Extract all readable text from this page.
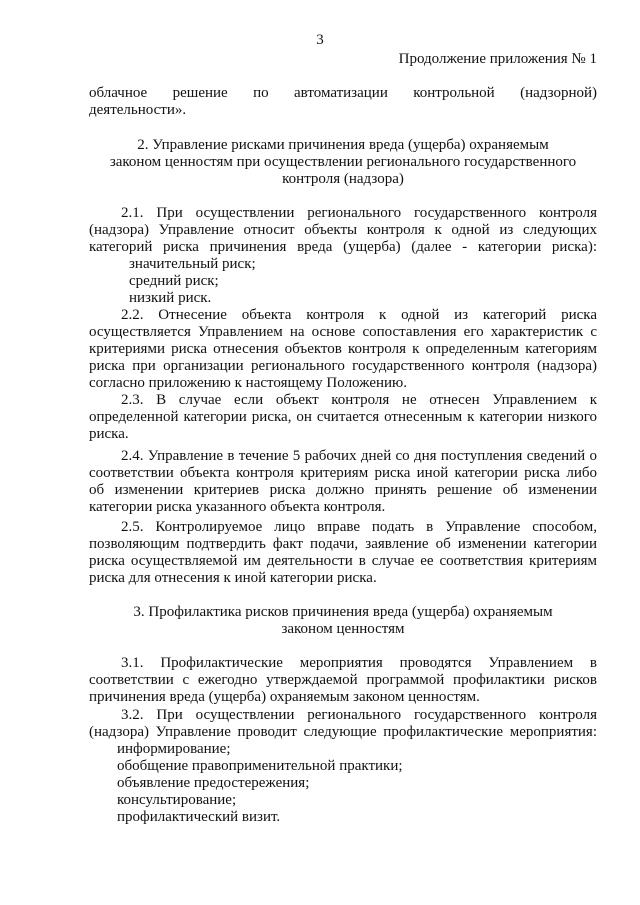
3
Продолжение приложения № 1
облачное решение по автоматизации контрольной (надзорной)
деятельности».
2. Управление рисками причинения вреда (ущерба) охраняемым
законом ценностям при осуществлении регионального государственного
контроля (надзора)
2.1. При осуществлении регионального государственного контроля
(надзора) Управление относит объекты контроля к одной из следующих
категорий риска причинения вреда (ущерба) (далее - категории риска):
значительный риск;
средний риск;
низкий риск.
2.2. Отнесение объекта контроля к одной из категорий риска
осуществляется Управлением на основе сопоставления его характеристик с
критериями риска отнесения объектов контроля к определенным категориям
риска при организации регионального государственного контроля (надзора)
согласно приложению к настоящему Положению.
2.3. В случае если объект контроля не отнесен Управлением к
определенной категории риска, он считается отнесенным к категории низкого
риска.
2.4. Управление в течение 5 рабочих дней со дня поступления сведений о
соответствии объекта контроля критериям риска иной категории риска либо
об изменении критериев риска должно принять решение об изменении
категории риска указанного объекта контроля.
2.5. Контролируемое лицо вправе подать в Управление способом,
позволяющим подтвердить факт подачи, заявление об изменении категории
риска осуществляемой им деятельности в случае ее соответствия критериям
риска для отнесения к иной категории риска.
3. Профилактика рисков причинения вреда (ущерба) охраняемым
законом ценностям
3.1. Профилактические мероприятия проводятся Управлением в
соответствии с ежегодно утверждаемой программой профилактики рисков
причинения вреда (ущерба) охраняемым законом ценностям.
3.2. При осуществлении регионального государственного контроля
(надзора) Управление проводит следующие профилактические мероприятия:
информирование;
обобщение правоприменительной практики;
объявление предостережения;
консультирование;
профилактический визит.
